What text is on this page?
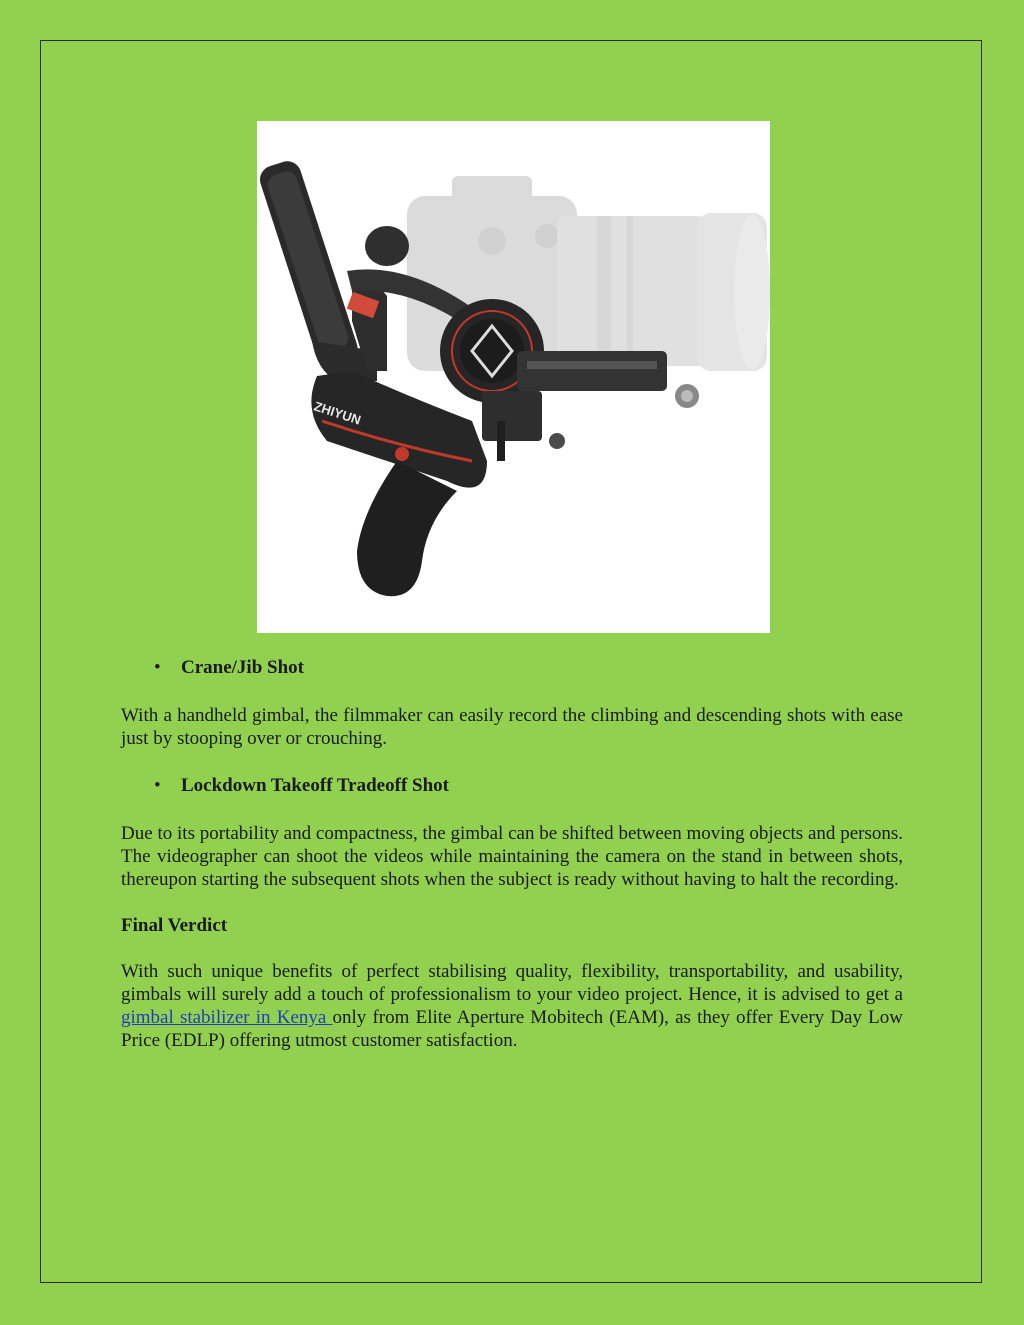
ZHIYUN
• Crane/Jib Shot

With a handheld gimbal, the filmmaker can easily record the climbing and descending shots with ease just by stooping over or crouching.

• Lockdown Takeoff Tradeoff Shot

Due to its portability and compactness, the gimbal can be shifted between moving objects and persons. The videographer can shoot the videos while maintaining the camera on the stand in between shots, thereupon starting the subsequent shots when the subject is ready without having to halt the recording.

Final Verdict

With such unique benefits of perfect stabilising quality, flexibility, transportability, and usability, gimbals will surely add a touch of professionalism to your video project. Hence, it is advised to get a gimbal stabilizer in Kenya only from Elite Aperture Mobitech (EAM), as they offer Every Day Low Price (EDLP) offering utmost customer satisfaction.
